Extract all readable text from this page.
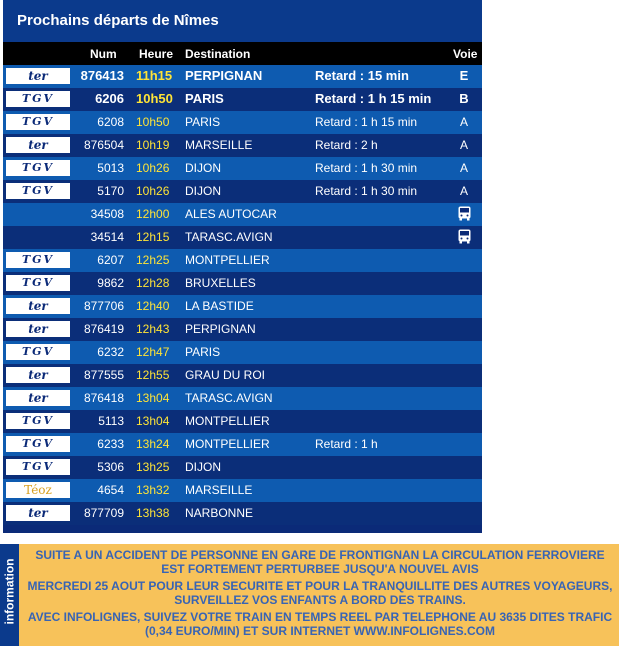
Prochains départs de Nîmes
Num Heure Destination	Voie
ter	876413 11h15 PERPIGNAN	Retard : 15 min	E
TGV	6206 10h50 PARIS	Retard : 1 h 15 min	B
TGV	6208 10h50 PARIS	Retard : 1 h 15 min	A
ter	876504 10h19 MARSEILLE	Retard : 2 h	A
TGV	5013 10h26 DIJON	Retard : 1 h 30 min	A
TGV	5170 10h26 DIJON	Retard : 1 h 30 min	A
34508 12h00 ALES AUTOCAR
34514 12h15 TARASC.AVIGN
TGV	6207 12h25 MONTPELLIER
TGV	9862 12h28 BRUXELLES
ter	877706 12h40 LA BASTIDE
ter	876419 12h43 PERPIGNAN
TGV	6232 12h47 PARIS
ter	877555 12h55 GRAU DU ROI
ter	876418 13h04 TARASC.AVIGN
TGV	5113 13h04 MONTPELLIER
TGV	6233 13h24 MONTPELLIER	Retard : 1 h
TGV	5306 13h25 DIJON
Téoz	4654 13h32 MARSEILLE
ter	877709 13h38 NARBONNE
information

SUITE A UN ACCIDENT DE PERSONNE EN GARE DE FRONTIGNAN LA CIRCULATION FERROVIERE EST FORTEMENT PERTURBEE JUSQU'A NOUVEL AVIS

MERCREDI 25 AOUT POUR LEUR SECURITE ET POUR LA TRANQUILLITE DES AUTRES VOYAGEURS, SURVEILLEZ VOS ENFANTS A BORD DES TRAINS.

AVEC INFOLIGNES, SUIVEZ VOTRE TRAIN EN TEMPS REEL PAR TELEPHONE AU 3635 DITES TRAFIC (0,34 EURO/MIN) ET SUR INTERNET WWW.INFOLIGNES.COM
